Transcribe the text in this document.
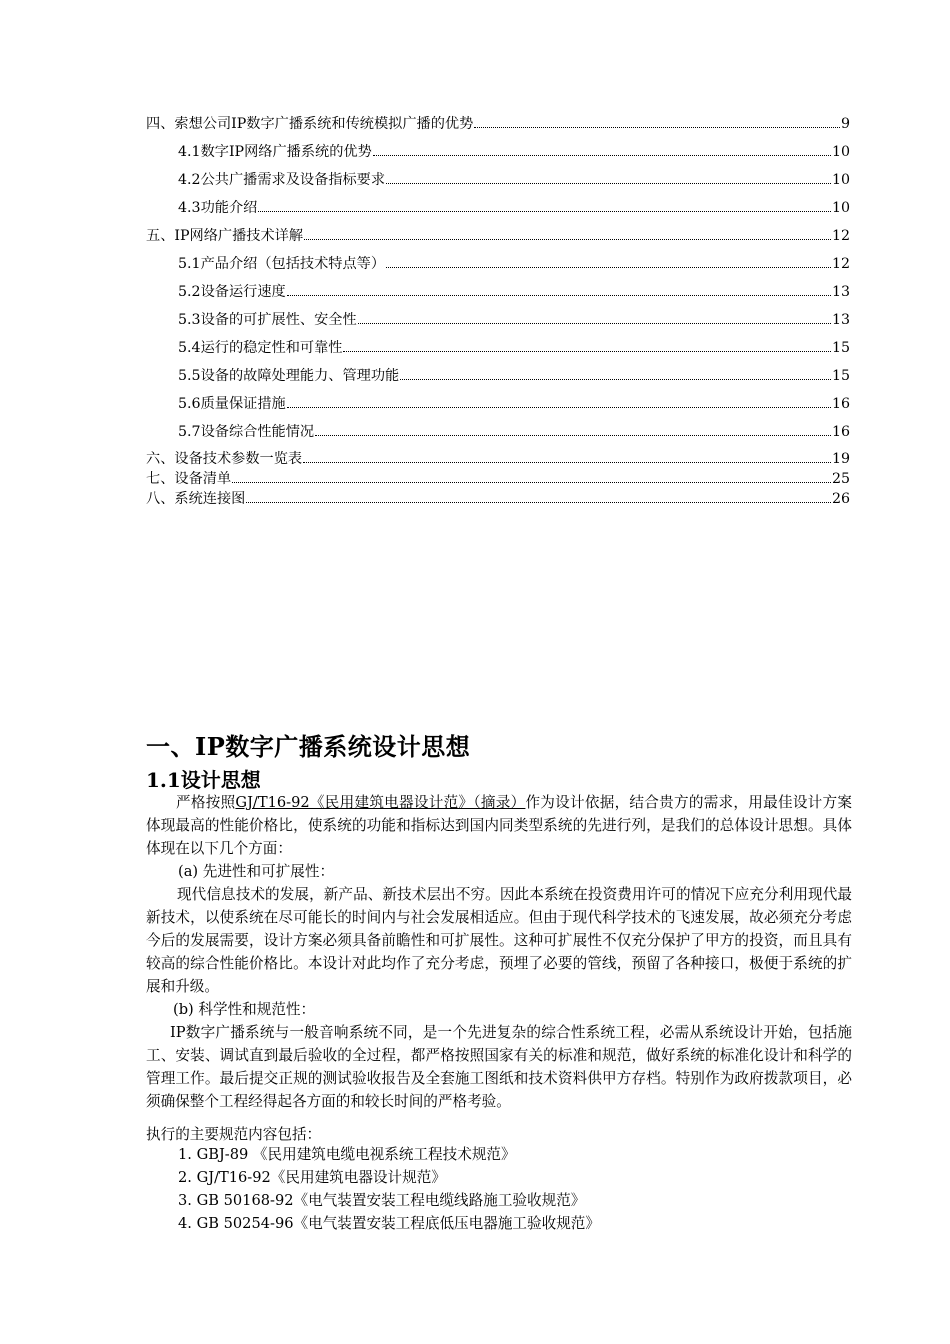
四、索想公司IP数字广播系统和传统模拟广播的优势	9
4.1数字IP网络广播系统的优势	10
4.2公共广播需求及设备指标要求	10
4.3功能介绍	10
五、IP网络广播技术详解	12
5.1产品介绍（包括技术特点等）	12
5.2设备运行速度	13
5.3设备的可扩展性、安全性	13
5.4运行的稳定性和可靠性	15
5.5设备的故障处理能力、管理功能	15
5.6质量保证措施	16
5.7设备综合性能情况	16
六、设备技术参数一览表	19
七、设备清单	25
八、系统连接图	26
一、IP数字广播系统设计思想
1.1设计思想
严格按照GJ/T16-92《民用建筑电器设计范》（摘录）作为设计依据，结合贵方的需求，用最佳设计方案体现最高的性能价格比，使系统的功能和指标达到国内同类型系统的先进行列，是我们的总体设计思想。具体体现在以下几个方面：
(a) 先进性和可扩展性：
现代信息技术的发展，新产品、新技术层出不穷。因此本系统在投资费用许可的情况下应充分利用现代最新技术，以使系统在尽可能长的时间内与社会发展相适应。但由于现代科学技术的飞速发展，故必须充分考虑今后的发展需要，设计方案必须具备前瞻性和可扩展性。这种可扩展性不仅充分保护了甲方的投资，而且具有较高的综合性能价格比。本设计对此均作了充分考虑，预埋了必要的管线，预留了各种接口，极便于系统的扩展和升级。
(b) 科学性和规范性：
IP数字广播系统与一般音响系统不同，是一个先进复杂的综合性系统工程，必需从系统设计开始，包括施工、安装、调试直到最后验收的全过程，都严格按照国家有关的标准和规范，做好系统的标准化设计和科学的管理工作。最后提交正规的测试验收报告及全套施工图纸和技术资料供甲方存档。特别作为政府拨款项目，必须确保整个工程经得起各方面的和较长时间的严格考验。
执行的主要规范内容包括：
1. GBJ-89 《民用建筑电缆电视系统工程技术规范》
2. GJ/T16-92《民用建筑电器设计规范》
3. GB 50168-92《电气装置安装工程电缆线路施工验收规范》
4. GB 50254-96《电气装置安装工程底低压电器施工验收规范》
